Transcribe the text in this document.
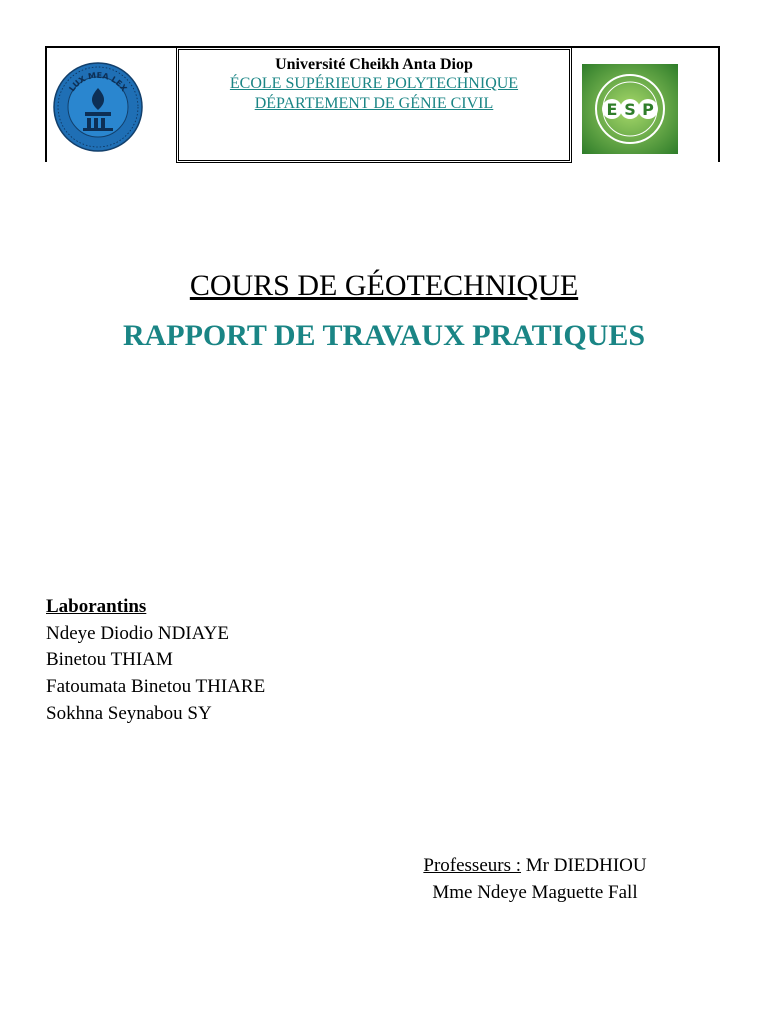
LUX MEA LEX
Université Cheikh Anta Diop
ÉCOLE SUPÉRIEURE POLYTECHNIQUE
DÉPARTEMENT DE GÉNIE CIVIL	E S P
COURS DE GÉOTECHNIQUE
RAPPORT DE TRAVAUX PRATIQUES
Laborantins
Ndeye Diodio NDIAYE
Binetou THIAM
Fatoumata Binetou THIARE
Sokhna Seynabou SY
Professeurs : Mr DIEDHIOU
Mme Ndeye Maguette Fall
